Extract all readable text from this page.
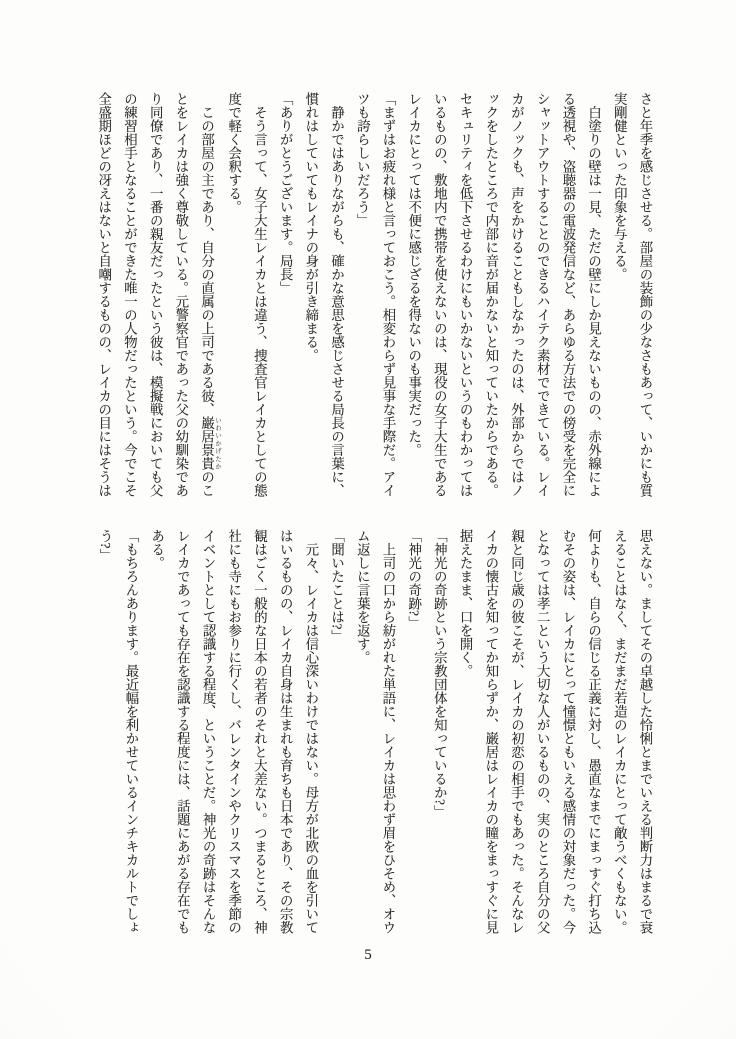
さと年季を感じさせる。部屋の装飾の少なさもあって、いかにも質
実剛健といった印象を与える。
　白塗りの壁は一見、ただの壁にしか見えないものの、赤外線によ
る透視や、盗聴器の電波発信など、あらゆる方法での傍受を完全に
シャットアウトすることのできるハイテク素材でできている。レイ
カがノックも、声をかけることもしなかったのは、外部からではノ
ックをしたところで内部に音が届かないと知っていたからである。
セキュリティを低下させるわけにもいかないというのもわかっては
いるものの、敷地内で携帯を使えないのは、現役の女子大生である
レイカにとっては不便に感じざるを得ないのも事実だった。
「まずはお疲れ様と言っておこう。相変わらず見事な手際だ。アイ
ツも誇らしいだろう」
　静かではありながらも、確かな意思を感じさせる局長の言葉に、
慣れはしていてもレイナの身が引き締まる。
「ありがとうございます。局長」
　そう言って、女子大生レイカとは違う、捜査官レイカとしての態
度で軽く会釈する。
　この部屋の主であり、自分の直属の上司である彼、巌居景貴 いわいかげたかのこ
とをレイカは強く尊敬している。元警察官であった父の幼馴染であ
り同僚であり、一番の親友だったという彼は、模擬戦においても父
の練習相手となることができた唯一の人物だったという。今でこそ
全盛期ほどの冴えはないと自嘲するものの、レイカの目にはそうは
思えない。ましてその卓越した怜悧とまでいえる判断力はまるで衰
えることはなく、まだまだ若造のレイカにとって敵うべくもない。
何よりも、自らの信じる正義に対し、愚直なまでにまっすぐ打ち込
むその姿は、レイカにとって憧憬ともいえる感情の対象だった。今
となっては孝二という大切な人がいるものの、実のところ自分の父
親と同じ歳の彼こそが、レイカの初恋の相手でもあった。そんなレ
イカの懐古を知ってか知らずか、巌居はレイカの瞳をまっすぐに見
据えたまま、口を開く。
「神光の奇跡という宗教団体を知っているか?」
「神光の奇跡?」
　上司の口から紡がれた単語に、レイカは思わず眉をひそめ、オウ
ム返しに言葉を返す。
「聞いたことは?」
　元々、レイカは信心深いわけではない。母方が北欧の血を引いて
はいるものの、レイカ自身は生まれも育ちも日本であり、その宗教
観はごく一般的な日本の若者のそれと大差ない。つまるところ、神
社にも寺にもお参りに行くし、バレンタインやクリスマスを季節の
イベントとして認識する程度、ということだ。神光の奇跡はそんな
レイカであっても存在を認識する程度には、話題にあがる存在でも
ある。
「もちろんあります。最近幅を利かせているインチキカルトでしょ
う?」
5
